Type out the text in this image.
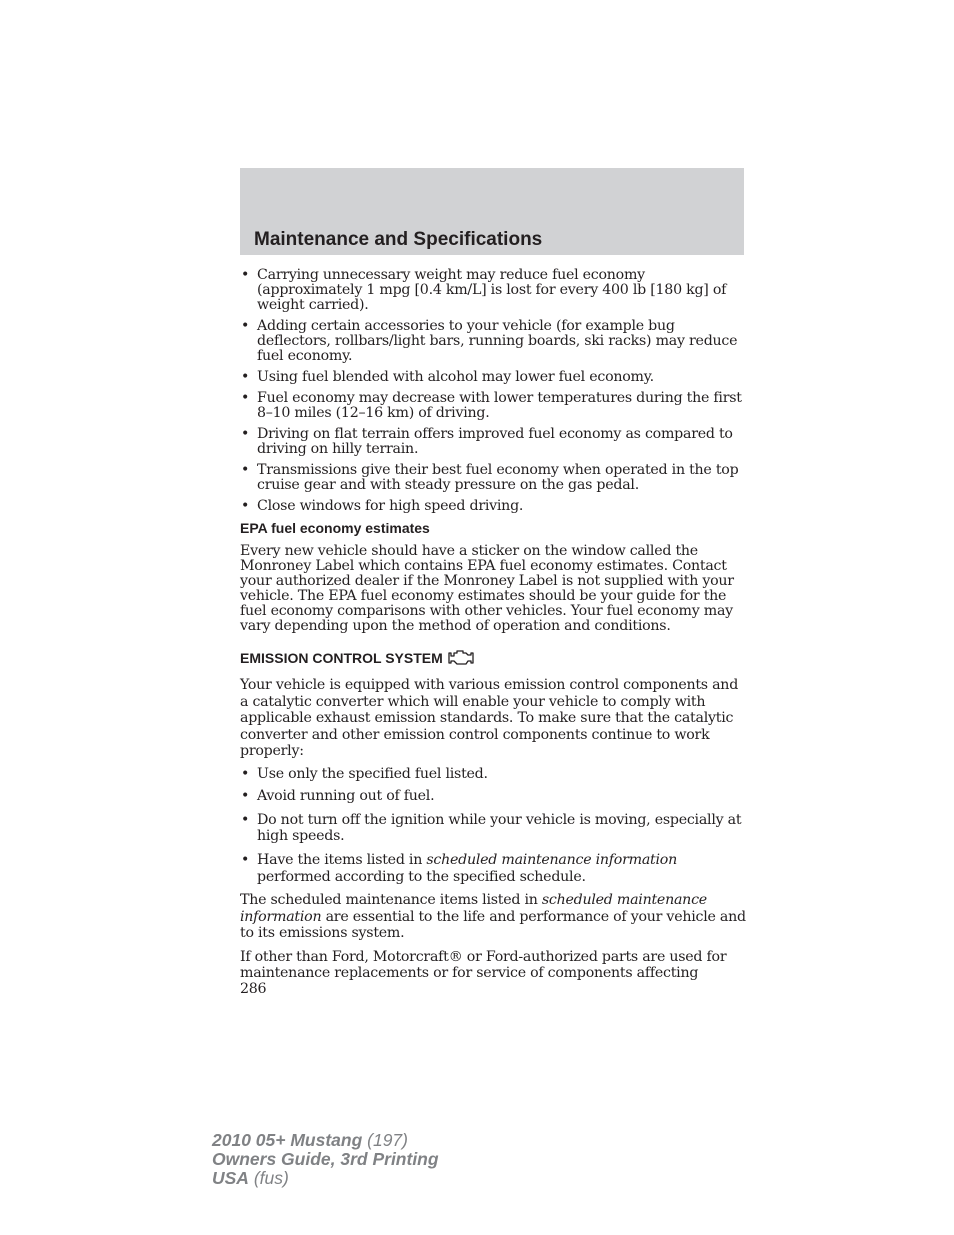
Maintenance and Specifications
• Carrying unnecessary weight may reduce fuel economy (approximately 1 mpg [0.4 km/L] is lost for every 400 lb [180 kg] of weight carried).
• Adding certain accessories to your vehicle (for example bug deflectors, rollbars/light bars, running boards, ski racks) may reduce fuel economy.
• Using fuel blended with alcohol may lower fuel economy.
• Fuel economy may decrease with lower temperatures during the first 8–10 miles (12–16 km) of driving.
• Driving on flat terrain offers improved fuel economy as compared to driving on hilly terrain.
• Transmissions give their best fuel economy when operated in the top cruise gear and with steady pressure on the gas pedal.
• Close windows for high speed driving.
EPA fuel economy estimates

Every new vehicle should have a sticker on the window called the Monroney Label which contains EPA fuel economy estimates. Contact your authorized dealer if the Monroney Label is not supplied with your vehicle. The EPA fuel economy estimates should be your guide for the fuel economy comparisons with other vehicles. Your fuel economy may vary depending upon the method of operation and conditions.

EMISSION CONTROL SYSTEM

Your vehicle is equipped with various emission control components and a catalytic converter which will enable your vehicle to comply with applicable exhaust emission standards. To make sure that the catalytic converter and other emission control components continue to work properly:

• Use only the specified fuel listed.
• Avoid running out of fuel.
• Do not turn off the ignition while your vehicle is moving, especially at high speeds.
• Have the items listed in scheduled maintenance information performed according to the specified schedule.

The scheduled maintenance items listed in scheduled maintenance information are essential to the life and performance of your vehicle and to its emissions system.

If other than Ford, Motorcraft® or Ford-authorized parts are used for maintenance replacements or for service of components affecting

286
2010 05+ Mustang (197)
Owners Guide, 3rd Printing
USA (fus)
